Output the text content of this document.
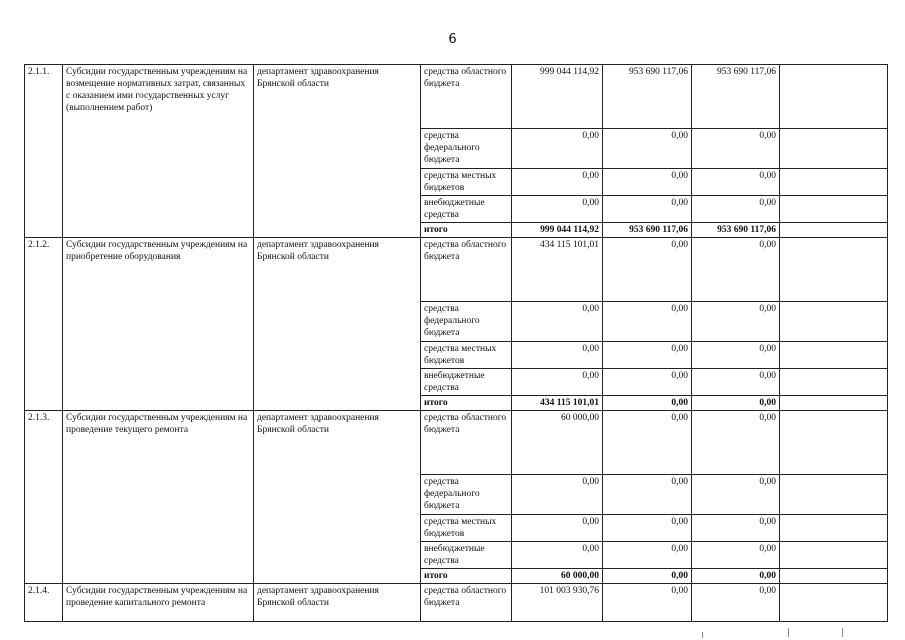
6
2.1.1.	Субсидии государственным учреждениям на возмещение нормативных затрат, связанных с оказанием ими государственных услуг (выполнением работ)	департамент здравоохранения Брянской области	средства областного бюджета	999 044 114,92	953 690 117,06	953 690 117,06	
			средства федерального бюджета	0,00	0,00	0,00	
			средства местных бюджетов	0,00	0,00	0,00	
			внебюджетные средства	0,00	0,00	0,00	
			итого	999 044 114,92	953 690 117,06	953 690 117,06	
2.1.2.	Субсидии государственным учреждениям на приобретение оборудования	департамент здравоохранения Брянской области	средства областного бюджета	434 115 101,01	0,00	0,00	
			средства федерального бюджета	0,00	0,00	0,00	
			средства местных бюджетов	0,00	0,00	0,00	
			внебюджетные средства	0,00	0,00	0,00	
			итого	434 115 101,01	0,00	0,00	
2.1.3.	Субсидии государственным учреждениям на проведение текущего ремонта	департамент здравоохранения Брянской области	средства областного бюджета	60 000,00	0,00	0,00	
			средства федерального бюджета	0,00	0,00	0,00	
			средства местных бюджетов	0,00	0,00	0,00	
			внебюджетные средства	0,00	0,00	0,00	
			итого	60 000,00	0,00	0,00	
2.1.4.	Субсидии государственным учреждениям на проведение капитального ремонта	департамент здравоохранения Брянской области	средства областного бюджета	101 003 930,76	0,00	0,00	
